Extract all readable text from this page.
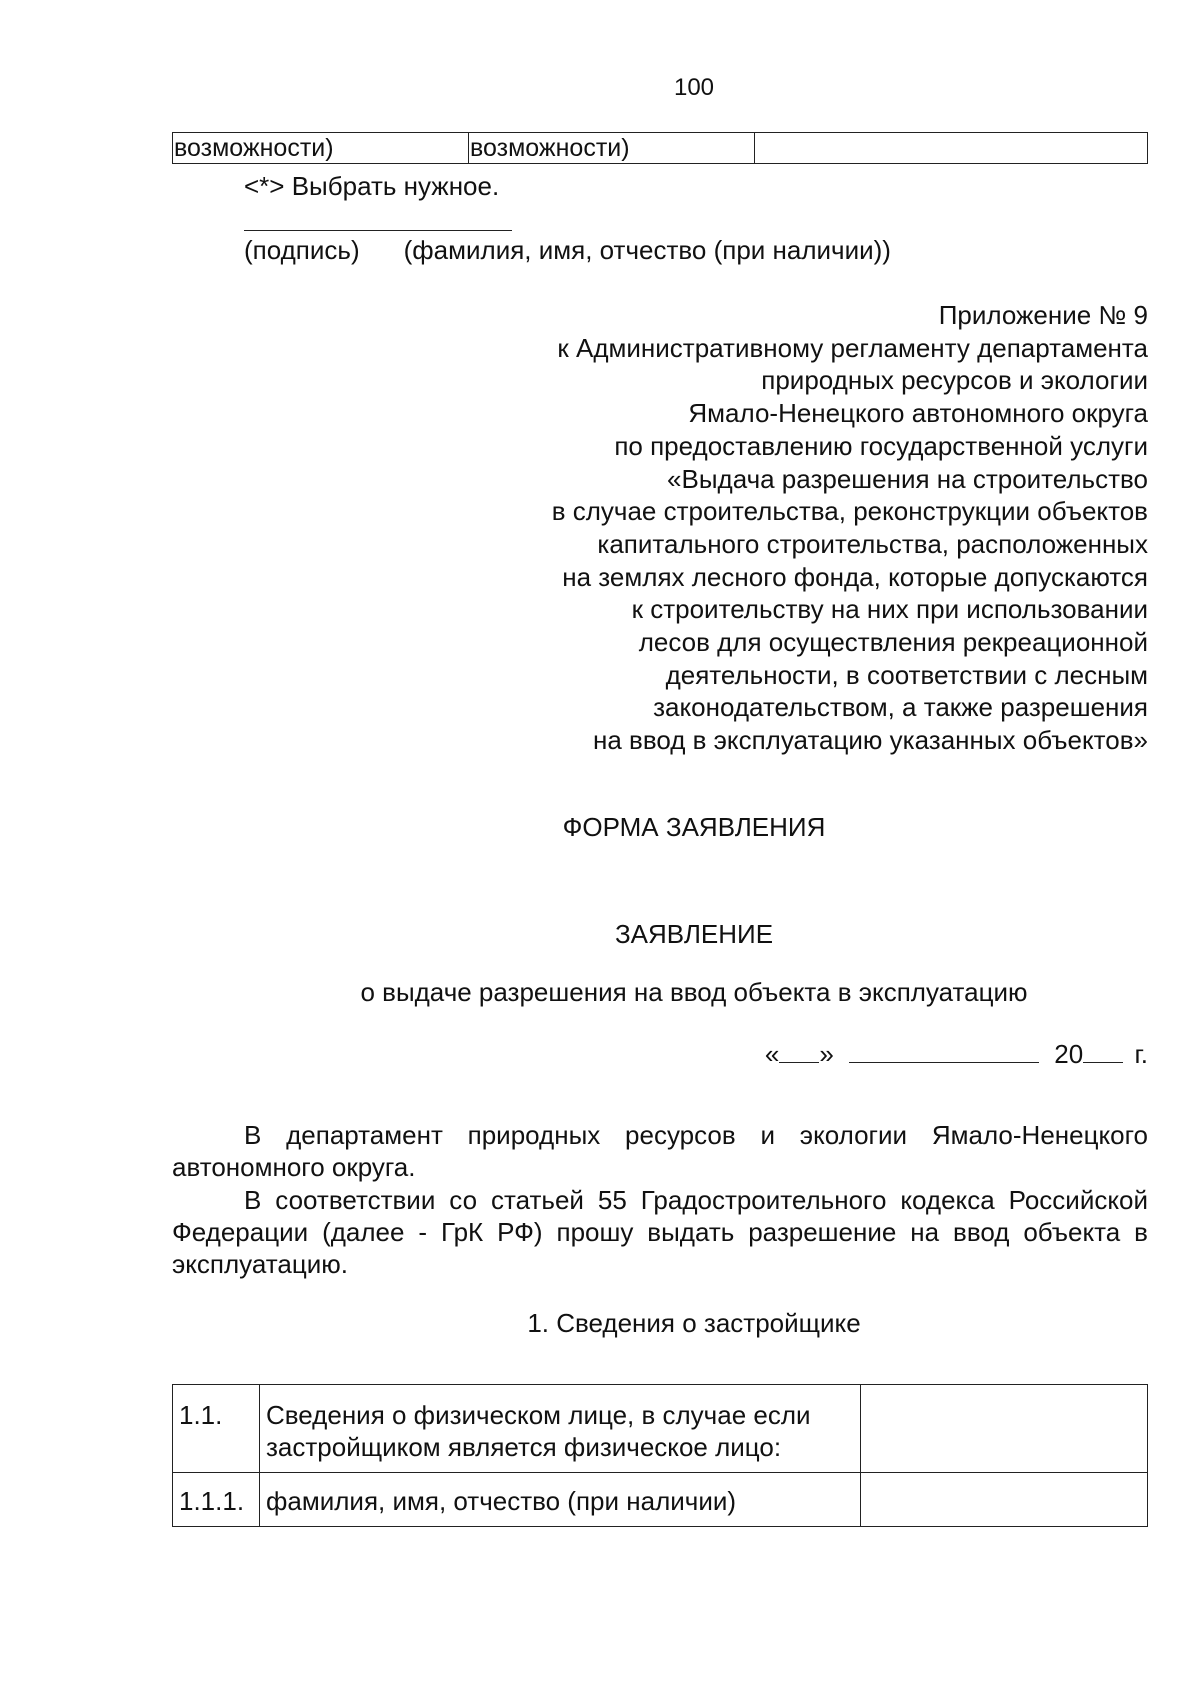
100
возможности)	возможности)	
<*> Выбрать нужное.
(подпись) (фамилия, имя, отчество (при наличии))
Приложение № 9
к Административному регламенту департамента
природных ресурсов и экологии
Ямало-Ненецкого автономного округа
по предоставлению государственной услуги
«Выдача разрешения на строительство
в случае строительства, реконструкции объектов
капитального строительства, расположенных
на землях лесного фонда, которые допускаются
к строительству на них при использовании
лесов для осуществления рекреационной
деятельности, в соответствии с лесным
законодательством, а также разрешения
на ввод в эксплуатацию указанных объектов»
ФОРМА ЗАЯВЛЕНИЯ
ЗАЯВЛЕНИЕ
о выдаче разрешения на ввод объекта в эксплуатацию
« »	20 г.

В департамент природных ресурсов и экологии Ямало-Ненецкого автономного округа.

В соответствии со статьей 55 Градостроительного кодекса Российской Федерации (далее - ГрК РФ) прошу выдать разрешение на ввод объекта в эксплуатацию.

1. Сведения о застройщике
1.1.	Сведения о физическом лице, в случае если застройщиком является физическое лицо:	
1.1.1.	фамилия, имя, отчество (при наличии)	
